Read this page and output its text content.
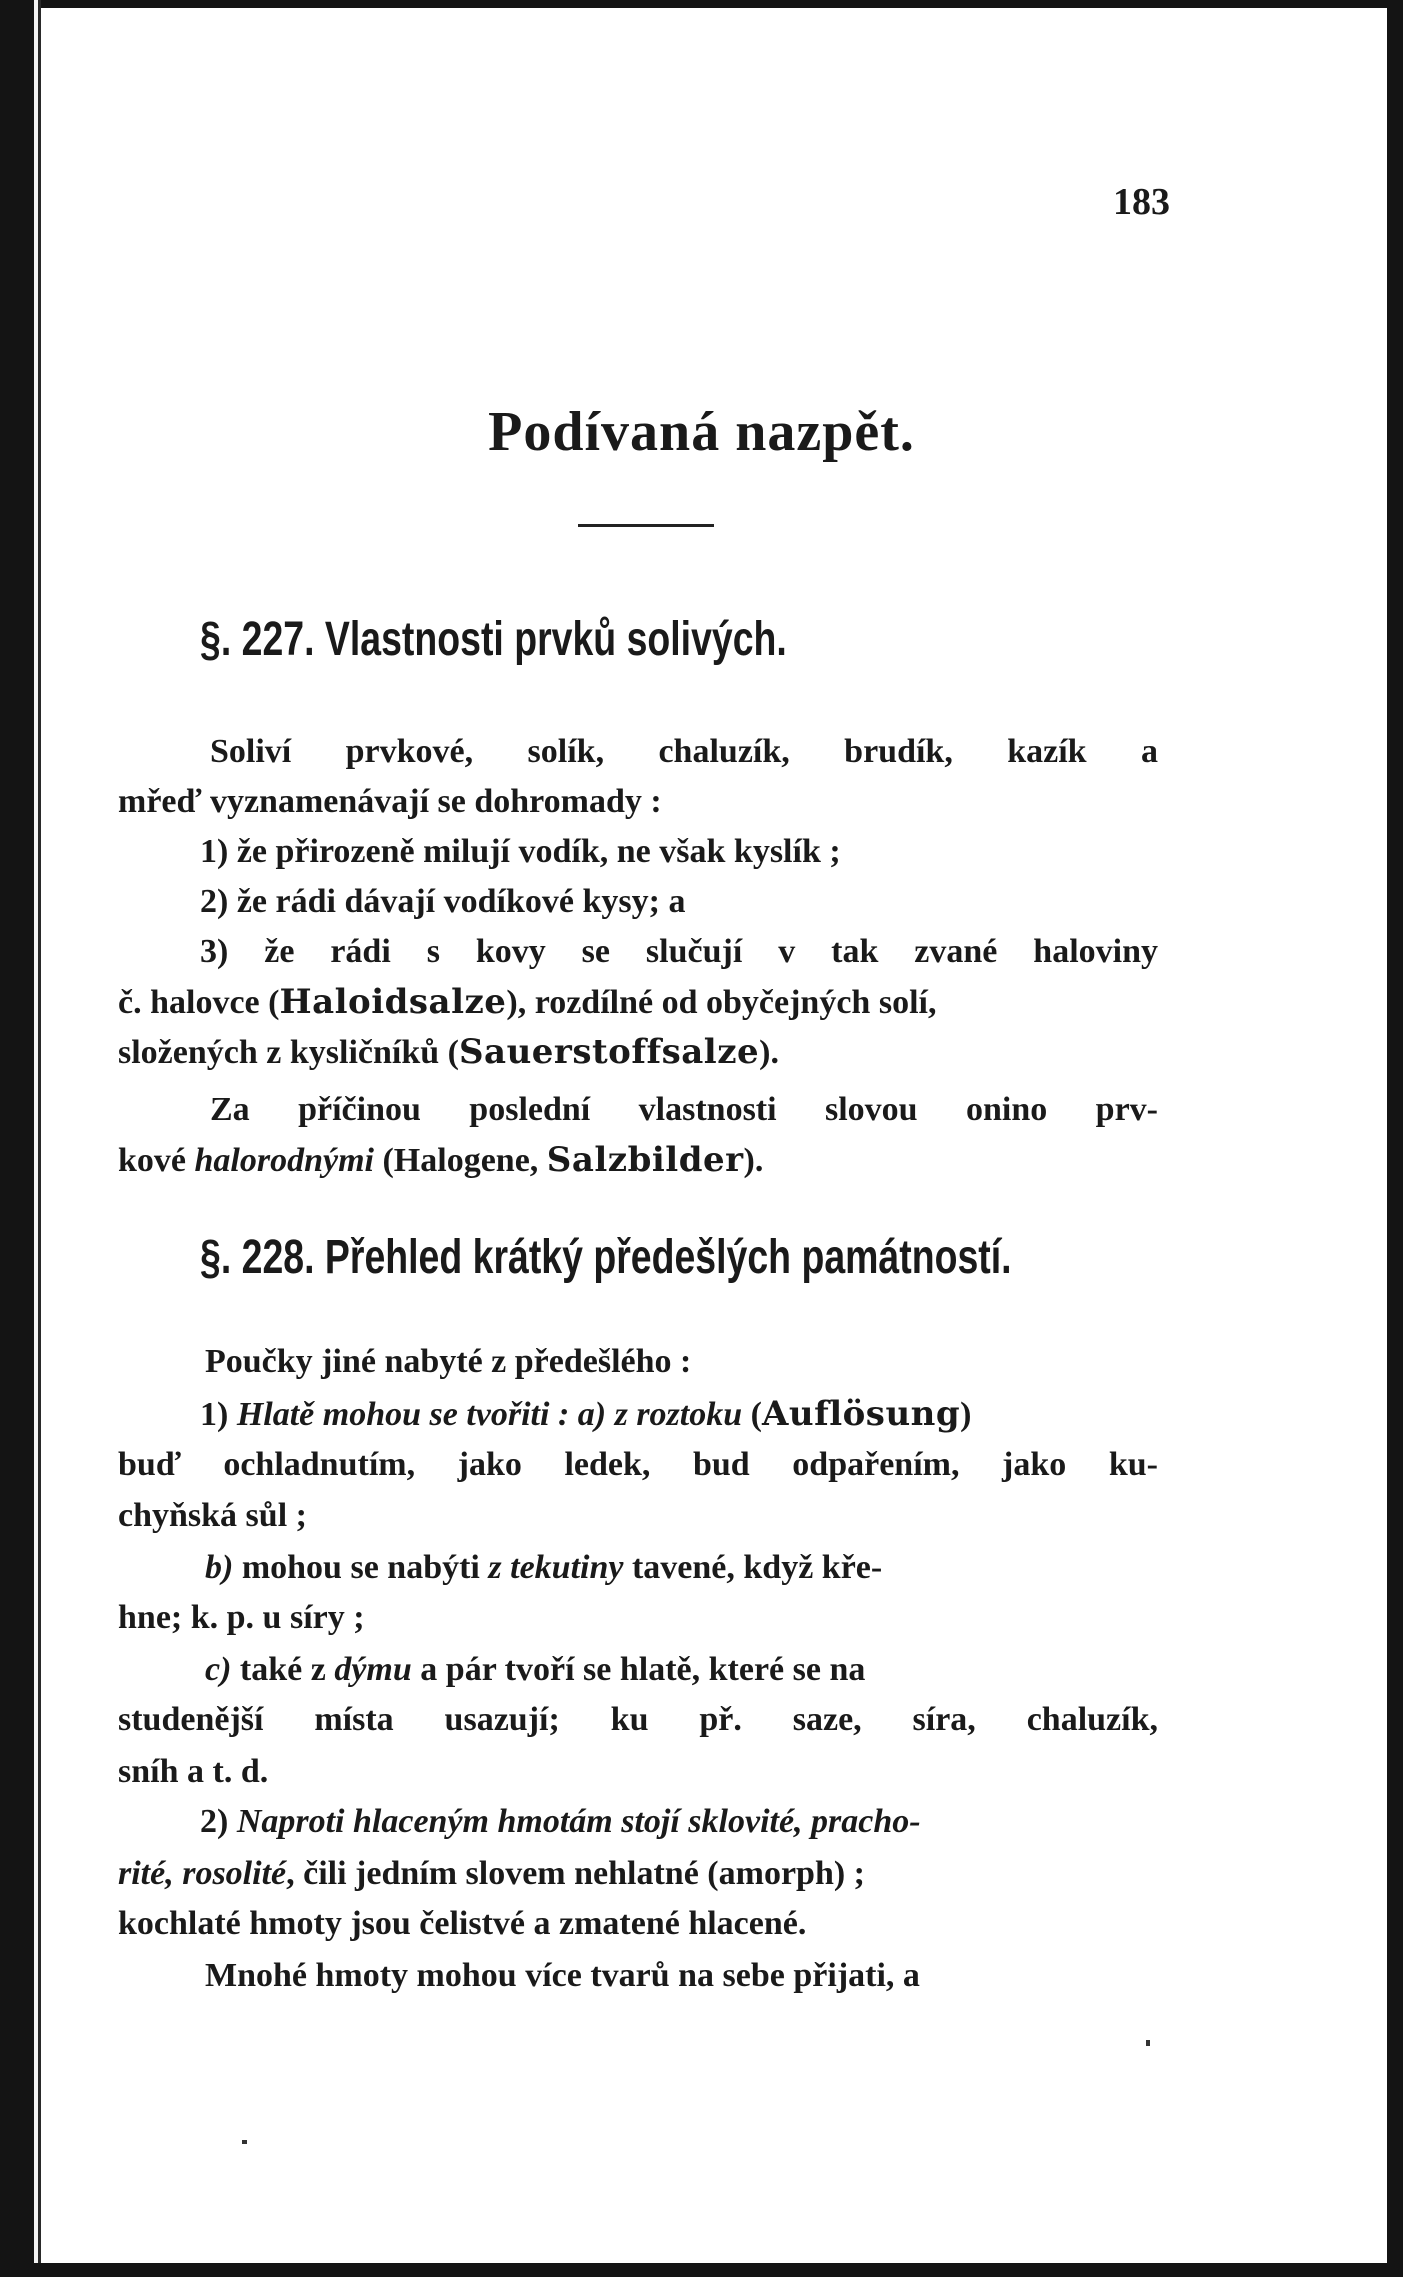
183
Podívaná nazpět.
§. 227. Vlastnosti prvků solivých.
Soliví prvkové, solík, chaluzík, brudík, kazík a
mřeď vyznamenávají se dohromady :
1) že přirozeně milují vodík, ne však kyslík ;
2) že rádi dávají vodíkové kysy; a
3) že rádi s kovy se slučují v tak zvané haloviny
č. halovce (Haloidsalze), rozdílné od obyčejných solí,
složených z kysličníků (Sauerstoffsalze).
Za příčinou poslední vlastnosti slovou onino prv-
kové halorodnými (Halogene, Salzbilder).
§. 228. Přehled krátký předešlých památností.
Poučky jiné nabyté z předešlého :
1) Hlatě mohou se tvořiti : a) z roztoku (Auflösung)
buď ochladnutím, jako ledek, bud odpařením, jako ku-
chyňská sůl ;
b) mohou se nabýti z tekutiny tavené, když kře-
hne; k. p. u síry ;
c) také z dýmu a pár tvoří se hlatě, které se na
studenější místa usazují; ku př. saze, síra, chaluzík,
sníh a t. d.
2) Naproti hlaceným hmotám stojí sklovité, pracho-
rité, rosolité, čili jedním slovem nehlatné (amorph) ;
kochlaté hmoty jsou čelistvé a zmatené hlacené.
Mnohé hmoty mohou více tvarů na sebe přijati, a
